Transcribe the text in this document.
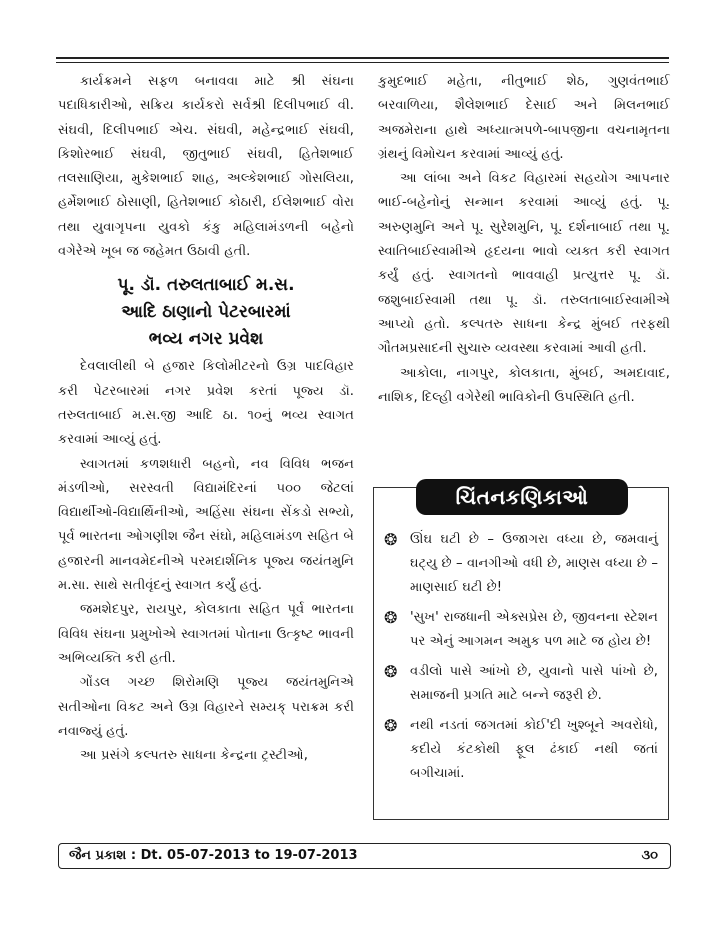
કાર્યક્રમને સફળ બનાવવા માટે શ્રી સંઘના પદાધિકારીઓ, સક્રિય કાર્યકરો સર્વશ્રી દિલીપભાઈ વી. સંઘવી, દિલીપભાઈ એચ. સંઘવી, મહેન્દ્રભાઈ સંઘવી, કિશોરભાઈ સંઘવી, જીતુભાઈ સંઘવી, હિતેશભાઈ તલસાણિયા, મુકેશભાઈ શાહ, અલ્કેશભાઈ ગોસલિયા, હર્મેશભાઈ ઠોસાણી, હિતેશભાઈ કોઠારી, ઈલેશભાઈ વોરા તથા યુવાગૃપના યુવકો કંકુ મહિલામંડળની બહેનો વગેરેએ ખૂબ જ જહેમત ઉઠાવી હતી.

પૂ. ડૉ. તરુલતાબાઈ મ.સ.
આદિ ઠાણાનો પેટરબારમાં
ભવ્ય નગર પ્રવેશ

દેવલાલીથી બે હજાર કિલોમીટરનો ઉગ્ર પાદવિહાર કરી પેટરબારમાં નગર પ્રવેશ કરતાં પૂજ્ય ડૉ. તરુલતાબાઈ મ.સ.જી આદિ ઠા. ૧૦નું ભવ્ય સ્વાગત કરવામાં આવ્યું હતું.

સ્વાગતમાં કળશધારી બહનો, નવ વિવિધ ભજન મંડળીઓ, સરસ્વતી વિદ્યામંદિરનાં ૫૦૦ જેટલાં વિદ્યાર્થીઓ-વિદ્યાર્થિનીઓ, અહિંસા સંઘના સેંકડો સભ્યો, પૂર્વ ભારતના ઓગણીશ જૈન સંઘો, મહિલામંડળ સહિત બે હજારની માનવમેદનીએ પરમદાર્શનિક પૂજ્ય જયંતમુનિ મ.સા. સાથે સતીવૃંદનું સ્વાગત કર્યું હતું.

જમશેદપુર, રાયપુર, કોલકાતા સહિત પૂર્વ ભારતના વિવિધ સંઘના પ્રમુખોએ સ્વાગતમાં પોતાના ઉત્કૃષ્ટ ભાવની અભિવ્યક્તિ કરી હતી.

ગોંડલ ગચ્છ શિરોમણિ પૂજ્ય જયંતમુનિએ સતીઓના વિકટ અને ઉગ્ર વિહારને સમ્યક્ પરાક્રમ કરી નવાજ્યું હતું.

આ પ્રસંગે કલ્પતરુ સાધના કેન્દ્રના ટ્રસ્ટીઓ,

કુમુદભાઈ મહેતા, નીતુભાઈ શેઠ, ગુણવંતભાઈ બરવાળિયા, શૈલેશભાઈ દેસાઈ અને મિલનભાઈ અજમેરાના હાથે અધ્યાત્મપળે-બાપજીના વચનામૃતના ગ્રંથનું વિમોચન કરવામાં આવ્યું હતું.

આ લાંબા અને વિકટ વિહારમાં સહયોગ આપનાર ભાઈ-બહેનોનું સન્માન કરવામાં આવ્યું હતું. પૂ. અરુણમુનિ અને પૂ. સુરેશમુનિ, પૂ. દર્શનાબાઈ તથા પૂ. સ્વાતિબાઈસ્વામીએ હૃદયના ભાવો વ્યક્ત કરી સ્વાગત કર્યું હતું. સ્વાગતનો ભાવવાહી પ્રત્યુત્તર પૂ. ડૉ. જશુબાઈસ્વામી તથા પૂ. ડૉ. તરુલતાબાઈસ્વામીએ આપ્યો હતો. કલ્પતરુ સાધના કેન્દ્ર મુંબઈ તરફથી ગૌતમપ્રસાદની સુચારુ વ્યવસ્થા કરવામાં આવી હતી.

આકોલા, નાગપુર, કોલકાતા, મુંબઈ, અમદાવાદ, નાશિક, દિલ્હી વગેરેથી ભાવિકોની ઉપસ્થિતિ હતી.

ચિંતનકણિકાઓ
❂ ઊંઘ ઘટી છે – ઉજાગરા વધ્યા છે, જમવાનું ઘટ્યુ છે – વાનગીઓ વધી છે, માણસ વધ્યા છે – માણસાઈ ઘટી છે!
❂ 'સુખ' રાજધાની એક્સપ્રેસ છે, જીવનના સ્ટેશન પર એનું આગમન અમુક પળ માટે જ હોય છે!
❂ વડીલો પાસે આંખો છે, યુવાનો પાસે પાંખો છે, સમાજની પ્રગતિ માટે બન્ને જરૂરી છે.
❂ નથી નડતાં જગતમાં કોઈ'દી ખુશ્બૂને અવરોધો, કદીયે કંટકોથી ફૂલ ઢંકાઈ નથી જતાં બગીચામાં.
જૈન પ્રકાશ : Dt. 05-07-2013 to 19-07-2013	૩૦
